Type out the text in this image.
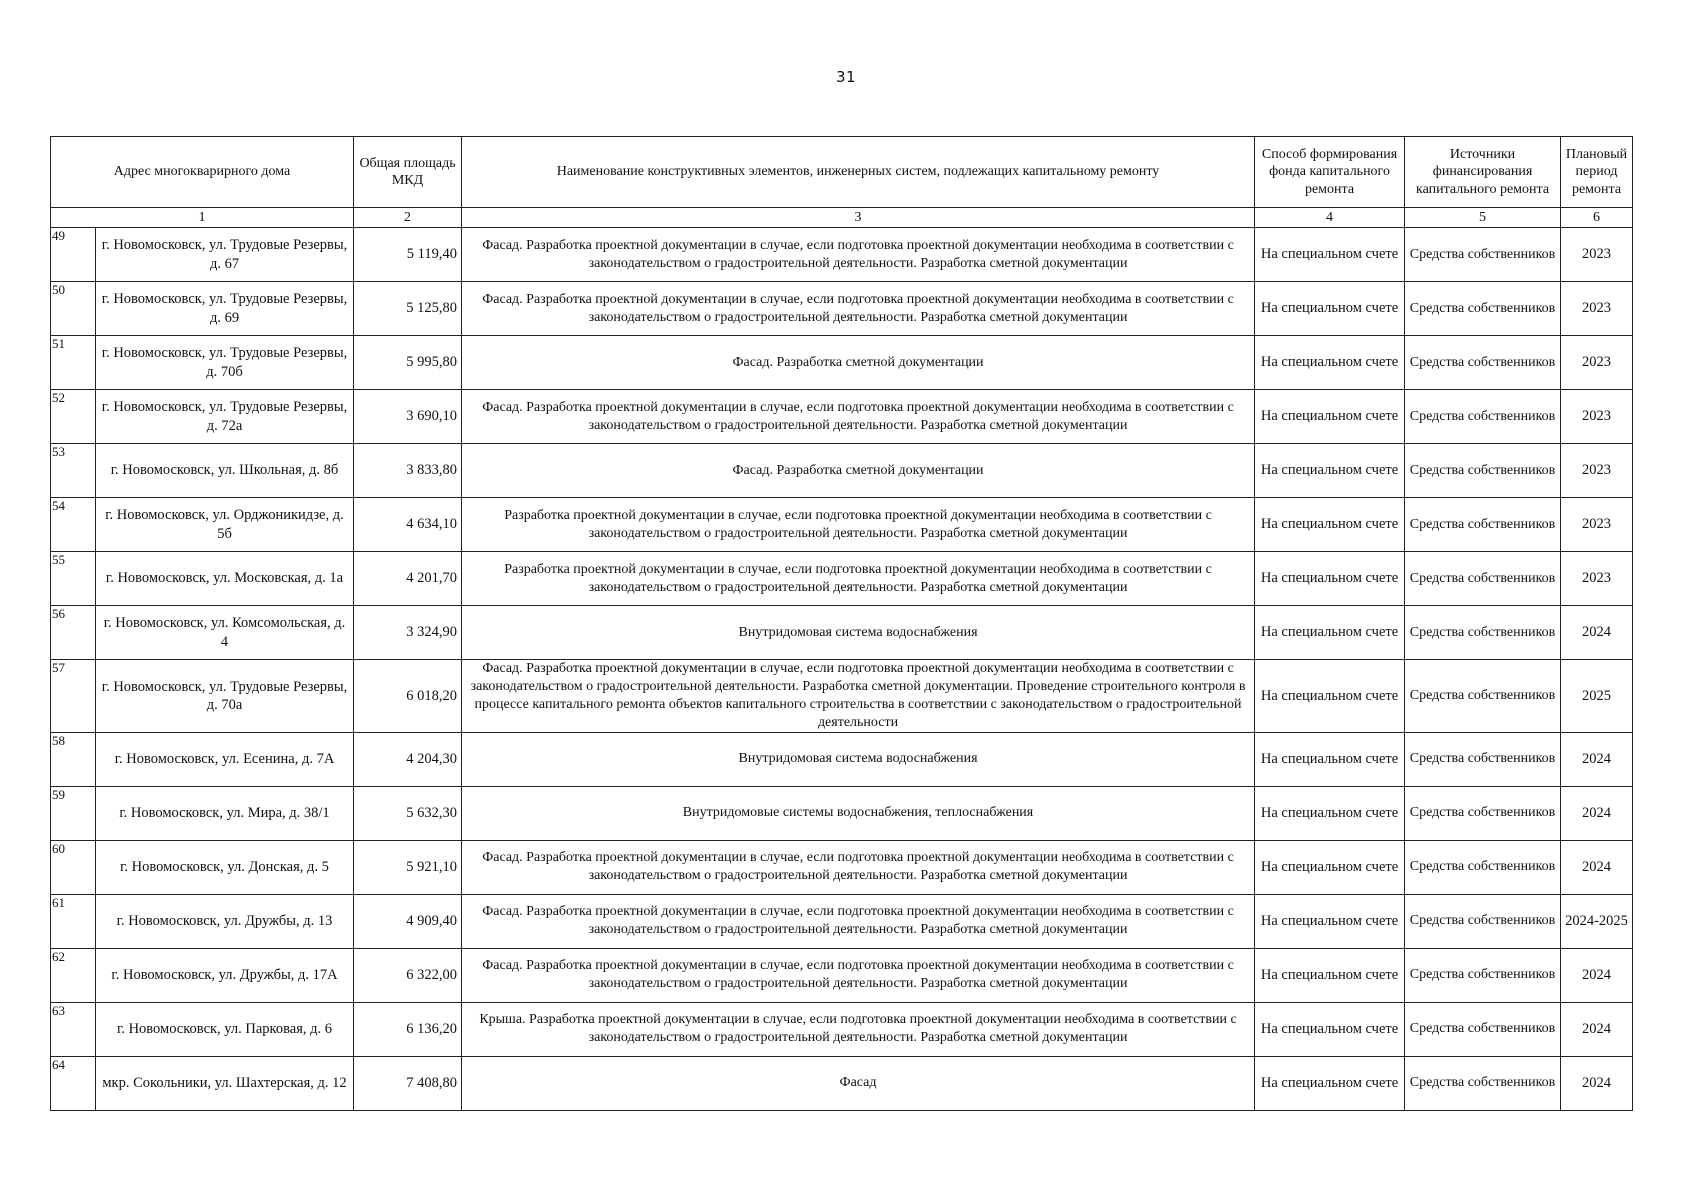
31
Адрес многокварирного дома		Общая площадь МКД	Наименование конструктивных элементов, инженерных систем, подлежащих капитальному ремонту	Способ формирования фонда капитального ремонта	Источники финансирования капитального ремонта	Плановый период ремонта
1		2	3	4	5	6
49	г. Новомосковск, ул. Трудовые Резервы, д. 67	5 119,40	Фасад. Разработка проектной документации в случае, если подготовка проектной документации необходима в соответствии с законодательством о градостроительной деятельности. Разработка сметной документации	На специальном счете	Средства собственников	2023
50	г. Новомосковск, ул. Трудовые Резервы, д. 69	5 125,80	Фасад. Разработка проектной документации в случае, если подготовка проектной документации необходима в соответствии с законодательством о градостроительной деятельности. Разработка сметной документации	На специальном счете	Средства собственников	2023
51	г. Новомосковск, ул. Трудовые Резервы, д. 70б	5 995,80	Фасад. Разработка сметной документации	На специальном счете	Средства собственников	2023
52	г. Новомосковск, ул. Трудовые Резервы, д. 72а	3 690,10	Фасад. Разработка проектной документации в случае, если подготовка проектной документации необходима в соответствии с законодательством о градостроительной деятельности. Разработка сметной документации	На специальном счете	Средства собственников	2023
53	г. Новомосковск, ул. Школьная, д. 8б	3 833,80	Фасад. Разработка сметной документации	На специальном счете	Средства собственников	2023
54	г. Новомосковск, ул. Орджоникидзе, д. 5б	4 634,10	Разработка проектной документации в случае, если подготовка проектной документации необходима в соответствии с законодательством о градостроительной деятельности. Разработка сметной документации	На специальном счете	Средства собственников	2023
55	г. Новомосковск, ул. Московская, д. 1а	4 201,70	Разработка проектной документации в случае, если подготовка проектной документации необходима в соответствии с законодательством о градостроительной деятельности. Разработка сметной документации	На специальном счете	Средства собственников	2023
56	г. Новомосковск, ул. Комсомольская, д. 4	3 324,90	Внутридомовая система водоснабжения	На специальном счете	Средства собственников	2024
57	г. Новомосковск, ул. Трудовые Резервы, д. 70а	6 018,20	Фасад. Разработка проектной документации в случае, если подготовка проектной документации необходима в соответствии с законодательством о градостроительной деятельности. Разработка сметной документации. Проведение строительного контроля в процессе капитального ремонта объектов капитального строительства в соответствии с законодательством о градостроительной деятельности	На специальном счете	Средства собственников	2025
58	г. Новомосковск, ул. Есенина, д. 7А	4 204,30	Внутридомовая система водоснабжения	На специальном счете	Средства собственников	2024
59	г. Новомосковск, ул. Мира, д. 38/1	5 632,30	Внутридомовые системы водоснабжения, теплоснабжения	На специальном счете	Средства собственников	2024
60	г. Новомосковск, ул. Донская, д. 5	5 921,10	Фасад. Разработка проектной документации в случае, если подготовка проектной документации необходима в соответствии с законодательством о градостроительной деятельности. Разработка сметной документации	На специальном счете	Средства собственников	2024
61	г. Новомосковск, ул. Дружбы, д. 13	4 909,40	Фасад. Разработка проектной документации в случае, если подготовка проектной документации необходима в соответствии с законодательством о градостроительной деятельности. Разработка сметной документации	На специальном счете	Средства собственников	2024-2025
62	г. Новомосковск, ул. Дружбы, д. 17А	6 322,00	Фасад. Разработка проектной документации в случае, если подготовка проектной документации необходима в соответствии с законодательством о градостроительной деятельности. Разработка сметной документации	На специальном счете	Средства собственников	2024
63	г. Новомосковск, ул. Парковая, д. 6	6 136,20	Крыша. Разработка проектной документации в случае, если подготовка проектной документации необходима в соответствии с законодательством о градостроительной деятельности. Разработка сметной документации	На специальном счете	Средства собственников	2024
64	мкр. Сокольники, ул. Шахтерская, д. 12	7 408,80	Фасад	На специальном счете	Средства собственников	2024
